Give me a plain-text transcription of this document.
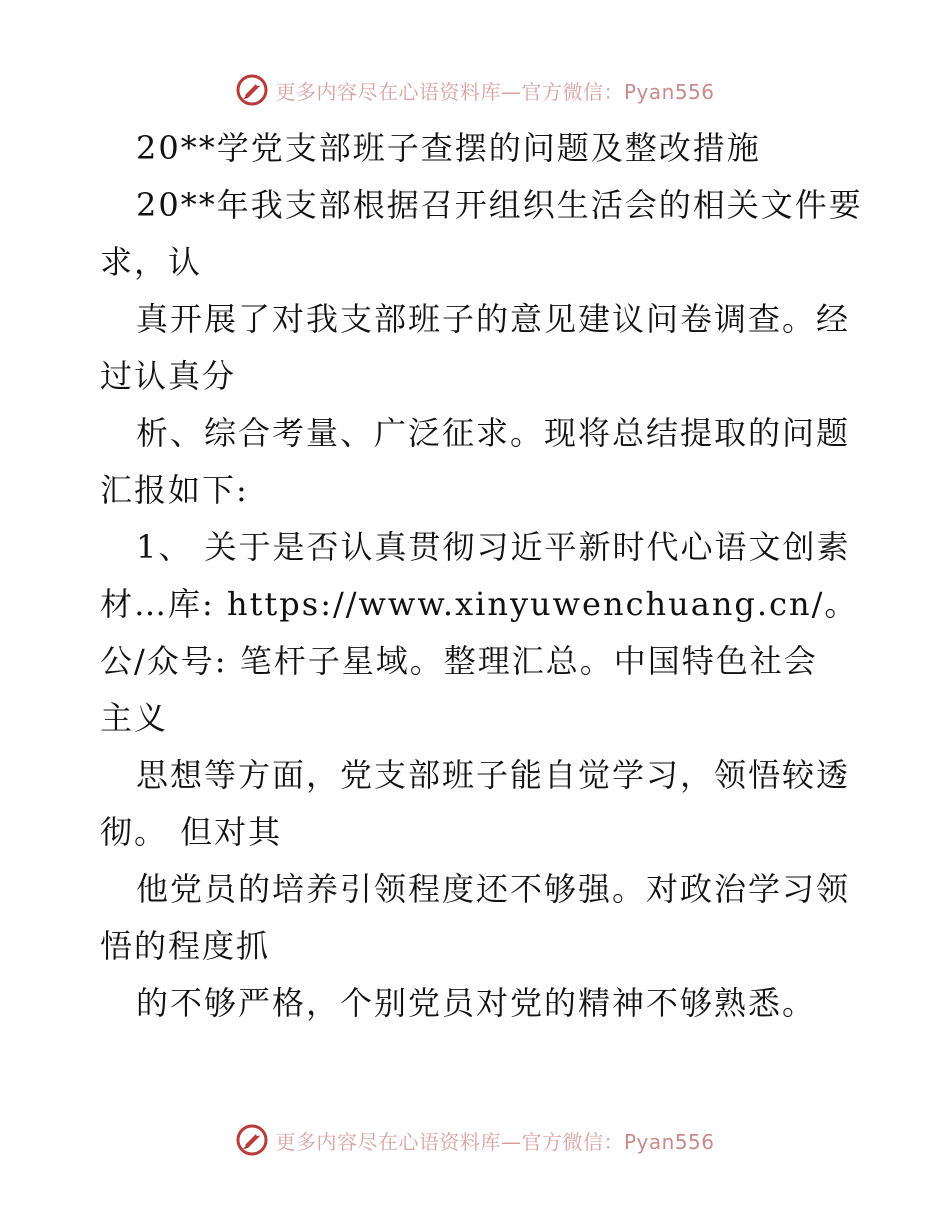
更多内容尽在心语资料库—官方微信：Pyan556
20**学党支部班子查摆的问题及整改措施
20**年我支部根据召开组织生活会的相关文件要
求，认
真开展了对我支部班子的意见建议问卷调查。经
过认真分
析、综合考量、广泛征求。现将总结提取的问题
汇报如下:
1、 关于是否认真贯彻习近平新时代心语文创素
材…库: https://www.xinyuwenchuang.cn/。
公/众号: 笔杆子星域。整理汇总。中国特色社会
主义
思想等方面，党支部班子能自觉学习，领悟较透
彻。 但对其
他党员的培养引领程度还不够强。对政治学习领
悟的程度抓
的不够严格，个别党员对党的精神不够熟悉。
更多内容尽在心语资料库—官方微信：Pyan556
